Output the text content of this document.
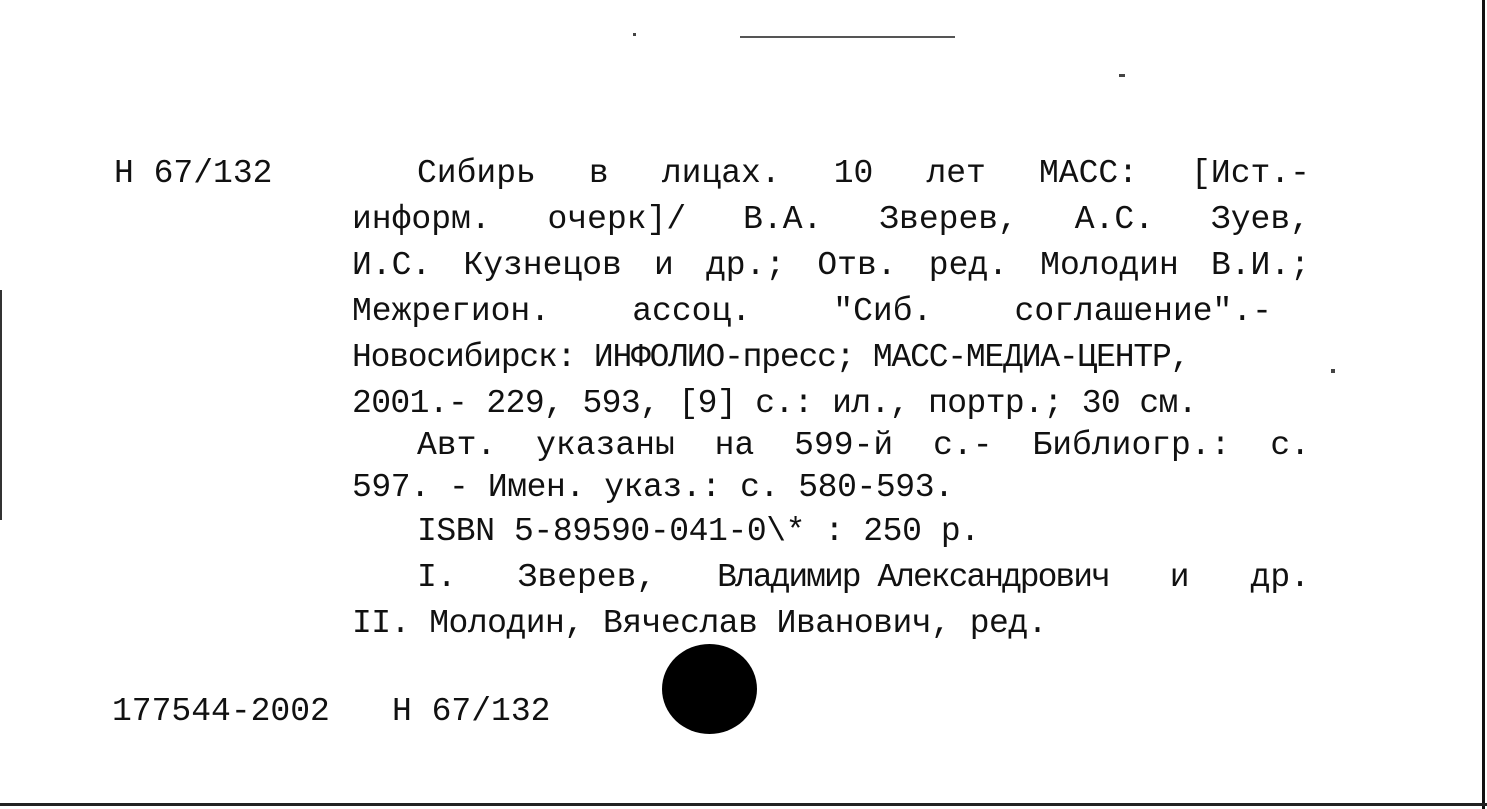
Н 67/132	Сибирь в лицах. 10 лет МАСС: [Ист.-
информ. очерк]/ В.А. Зверев, А.С. Зуев,
И.С. Кузнецов и др.; Отв. ред. Молодин В.И.;
Межрегион. ассоц. "Сиб. соглашение".-
Новосибирск: ИНФОЛИО-пресс; МАСС-МЕДИА-ЦЕНТР,
2001.- 229, 593, [9] с.: ил., портр.; 30 см.
Авт. указаны на 599-й с.- Библиогр.: с.
597. - Имен. указ.: с. 580-593.
ISBN 5-89590-041-0\* : 250 р.
I. Зверев, Владимир Александрович и др.
II. Молодин, Вячеслав Иванович, ред.
177544-2002 Н 67/132
